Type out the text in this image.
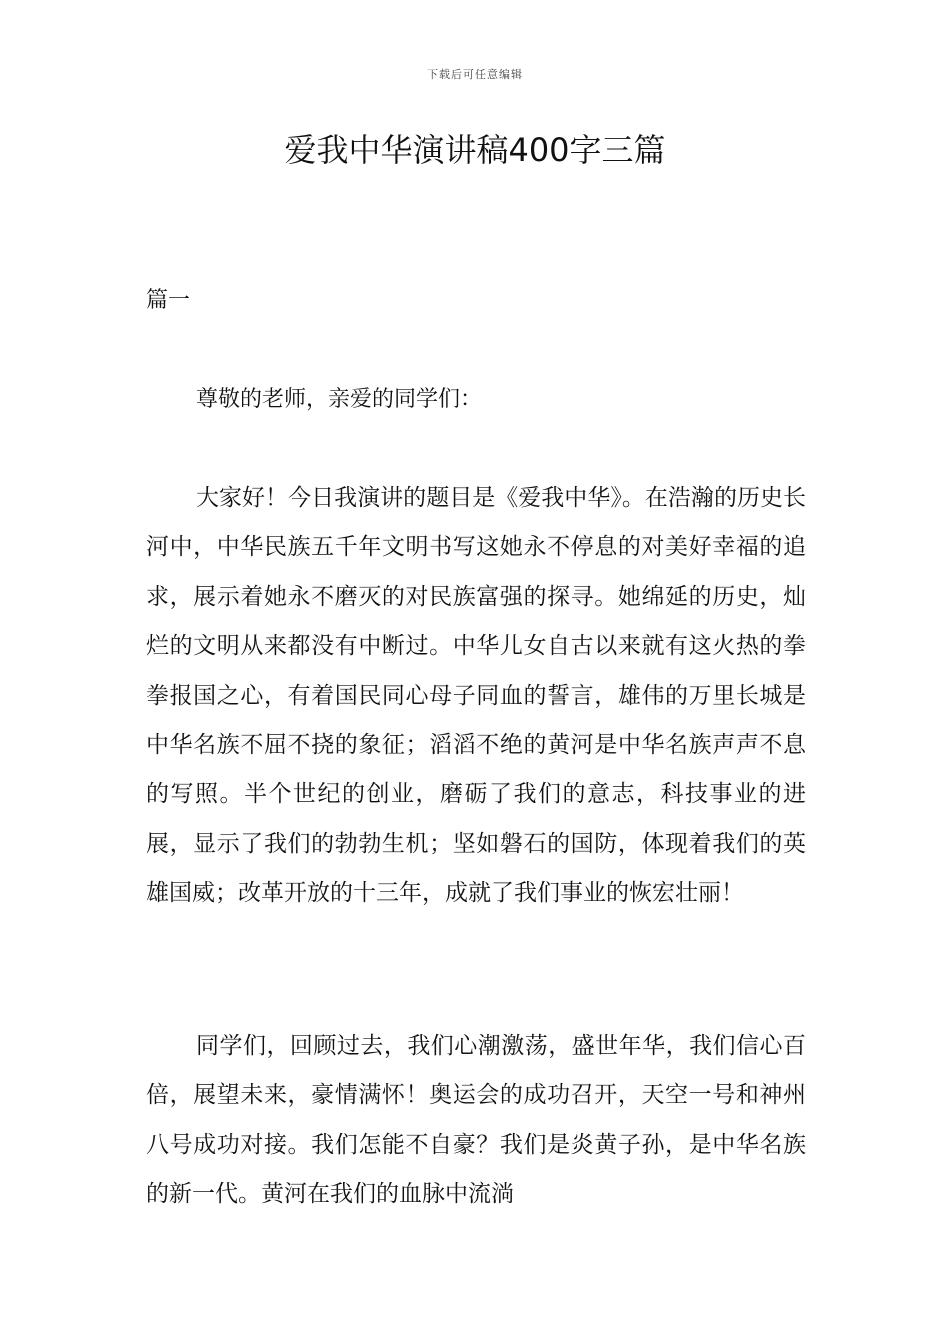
下载后可任意编辑
爱我中华演讲稿400字三篇
篇一
尊敬的老师，亲爱的同学们：

大家好！今日我演讲的题目是《爱我中华》。在浩瀚的历史长河中，中华民族五千年文明书写这她永不停息的对美好幸福的追求，展示着她永不磨灭的对民族富强的探寻。她绵延的历史，灿烂的文明从来都没有中断过。中华儿女自古以来就有这火热的拳拳报国之心，有着国民同心母子同血的誓言，雄伟的万里长城是中华名族不屈不挠的象征；滔滔不绝的黄河是中华名族声声不息的写照。半个世纪的创业，磨砺了我们的意志，科技事业的进展，显示了我们的勃勃生机；坚如磐石的国防，体现着我们的英雄国威；改革开放的十三年，成就了我们事业的恢宏壮丽！

同学们，回顾过去，我们心潮激荡，盛世年华，我们信心百倍，展望未来，豪情满怀！奥运会的成功召开，天空一号和神州八号成功对接。我们怎能不自豪？我们是炎黄子孙，是中华名族的新一代。黄河在我们的血脉中流淌
